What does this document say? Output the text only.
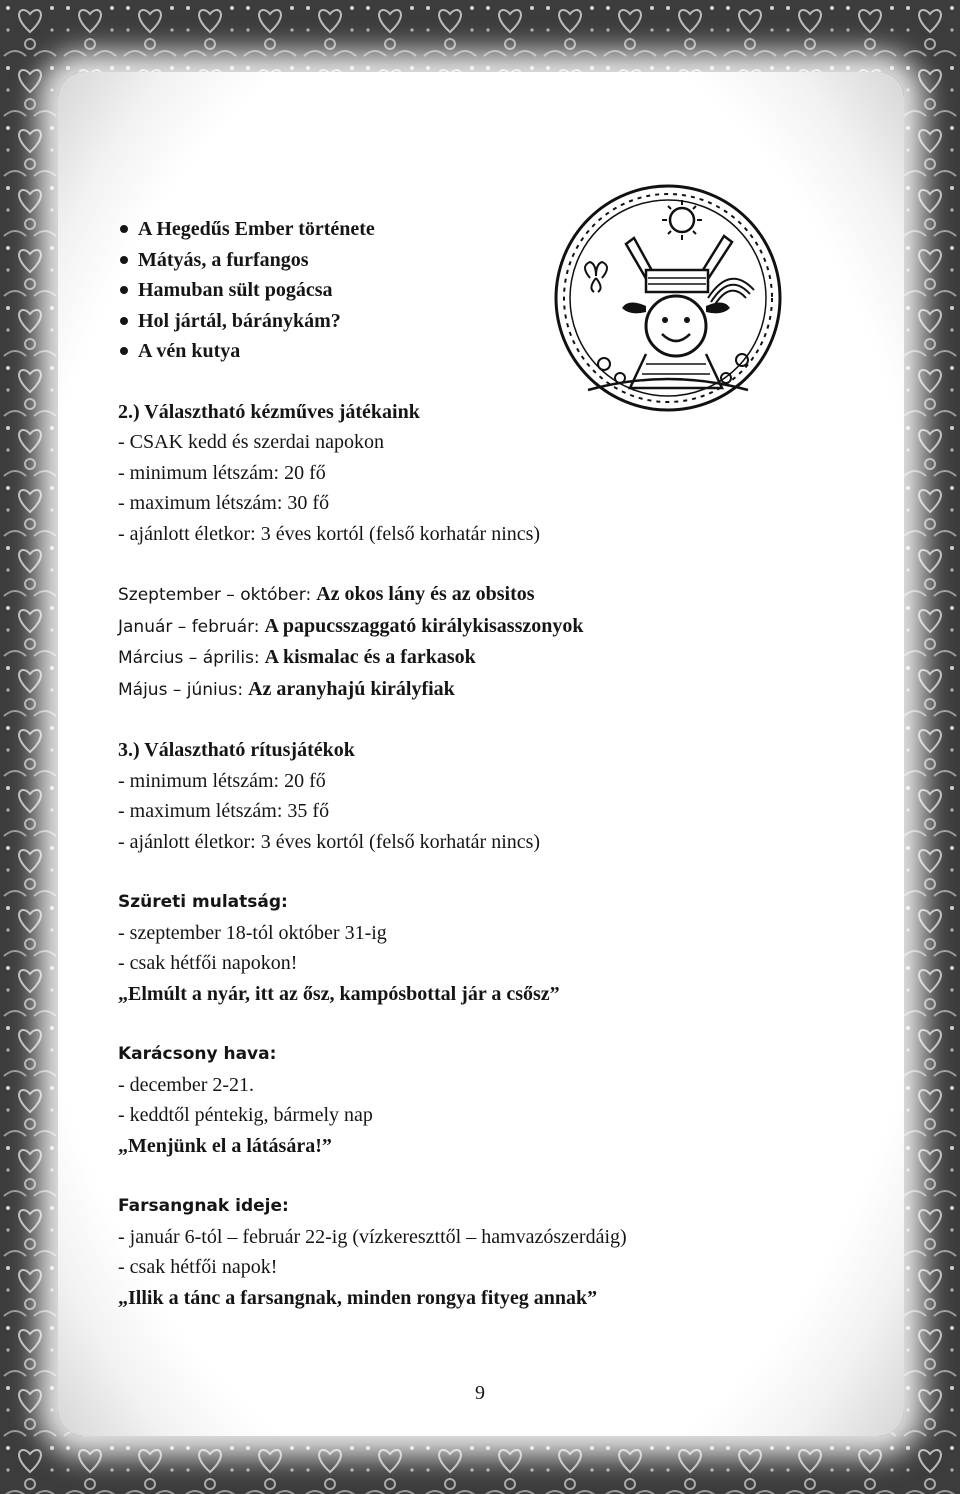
A Hegedűs Ember története
Mátyás, a furfangos
Hamuban sült pogácsa
Hol jártál, báránykám?
A vén kutya
2.) Választható kézműves játékaink
- CSAK kedd és szerdai napokon
- minimum létszám: 20 fő
- maximum létszám: 30 fő
- ajánlott életkor: 3 éves kortól (felső korhatár nincs)
Szeptember – október: Az okos lány és az obsitos
Január – február: A papucsszaggató királykisasszonyok
Március – április: A kismalac és a farkasok
Május – június: Az aranyhajú királyfiak
3.) Választható rítusjátékok
- minimum létszám: 20 fő
- maximum létszám: 35 fő
- ajánlott életkor: 3 éves kortól (felső korhatár nincs)
Szüreti mulatság:
- szeptember 18-tól október 31-ig
- csak hétfői napokon!
„Elmúlt a nyár, itt az ősz, kampósbottal jár a csősz”
Karácsony hava:
- december 2-21.
- keddtől péntekig, bármely nap
„Menjünk el a látására!”
Farsangnak ideje:
- január 6-tól – február 22-ig (vízkereszttől – hamvazószerdáig)
- csak hétfői napok!
„Illik a tánc a farsangnak, minden rongya fityeg annak”
9
